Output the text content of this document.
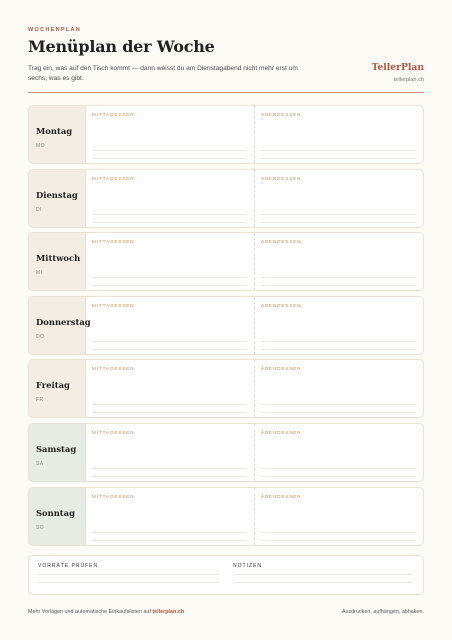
WOCHENPLAN
Menüplan der Woche
Trag ein, was auf den Tisch kommt — dann weisst du am Dienstagabend nicht mehr erst um sechs, was es gibt.
TellerPlan
tellerplan.ch
Montag
MO
MITTAGESSEN	ABENDESSEN
Dienstag
DI
MITTAGESSEN	ABENDESSEN
Mittwoch
MI
MITTAGESSEN	ABENDESSEN
Donnerstag
DO
MITTAGESSEN	ABENDESSEN
Freitag
FR
MITTAGESSEN	ABENDESSEN
Samstag
SA
MITTAGESSEN	ABENDESSEN
Sonntag
SO
MITTAGESSEN	ABENDESSEN
VORRÄTE PRÜFEN	NOTIZEN
Mehr Vorlagen und automatische Einkaufslisten auf tellerplan.ch	Ausdrucken, aufhängen, abhaken.
